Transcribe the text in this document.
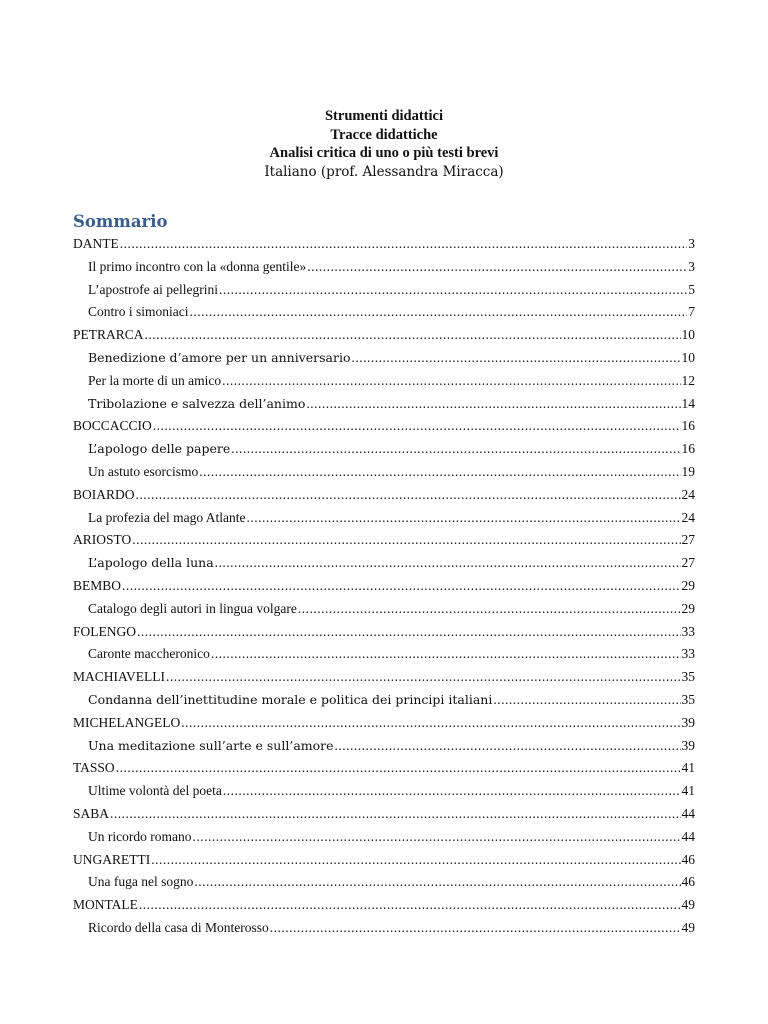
Strumenti didattici
Tracce didattiche
Analisi critica di uno o più testi brevi
Italiano (prof. Alessandra Miracca)
Sommario
DANTE .....	3
Il primo incontro con la «donna gentile» .....	3
L’apostrofe ai pellegrini .....	5
Contro i simoniaci .....	7
PETRARCA .....	10
Benedizione d’amore per un anniversario .....	10
Per la morte di un amico .....	12
Tribolazione e salvezza dell’animo .....	14
BOCCACCIO .....	16
L’apologo delle papere .....	16
Un astuto esorcismo .....	19
BOIARDO .....	24
La profezia del mago Atlante .....	24
ARIOSTO .....	27
L’apologo della luna .....	27
BEMBO .....	29
Catalogo degli autori in lingua volgare .....	29
FOLENGO .....	33
Caronte maccheronico .....	33
MACHIAVELLI .....	35
Condanna dell’inettitudine morale e politica dei principi italiani .....	35
MICHELANGELO .....	39
Una meditazione sull’arte e sull’amore .....	39
TASSO .....	41
Ultime volontà del poeta .....	41
SABA .....	44
Un ricordo romano .....	44
UNGARETTI .....	46
Una fuga nel sogno .....	46
MONTALE .....	49
Ricordo della casa di Monterosso .....	49
